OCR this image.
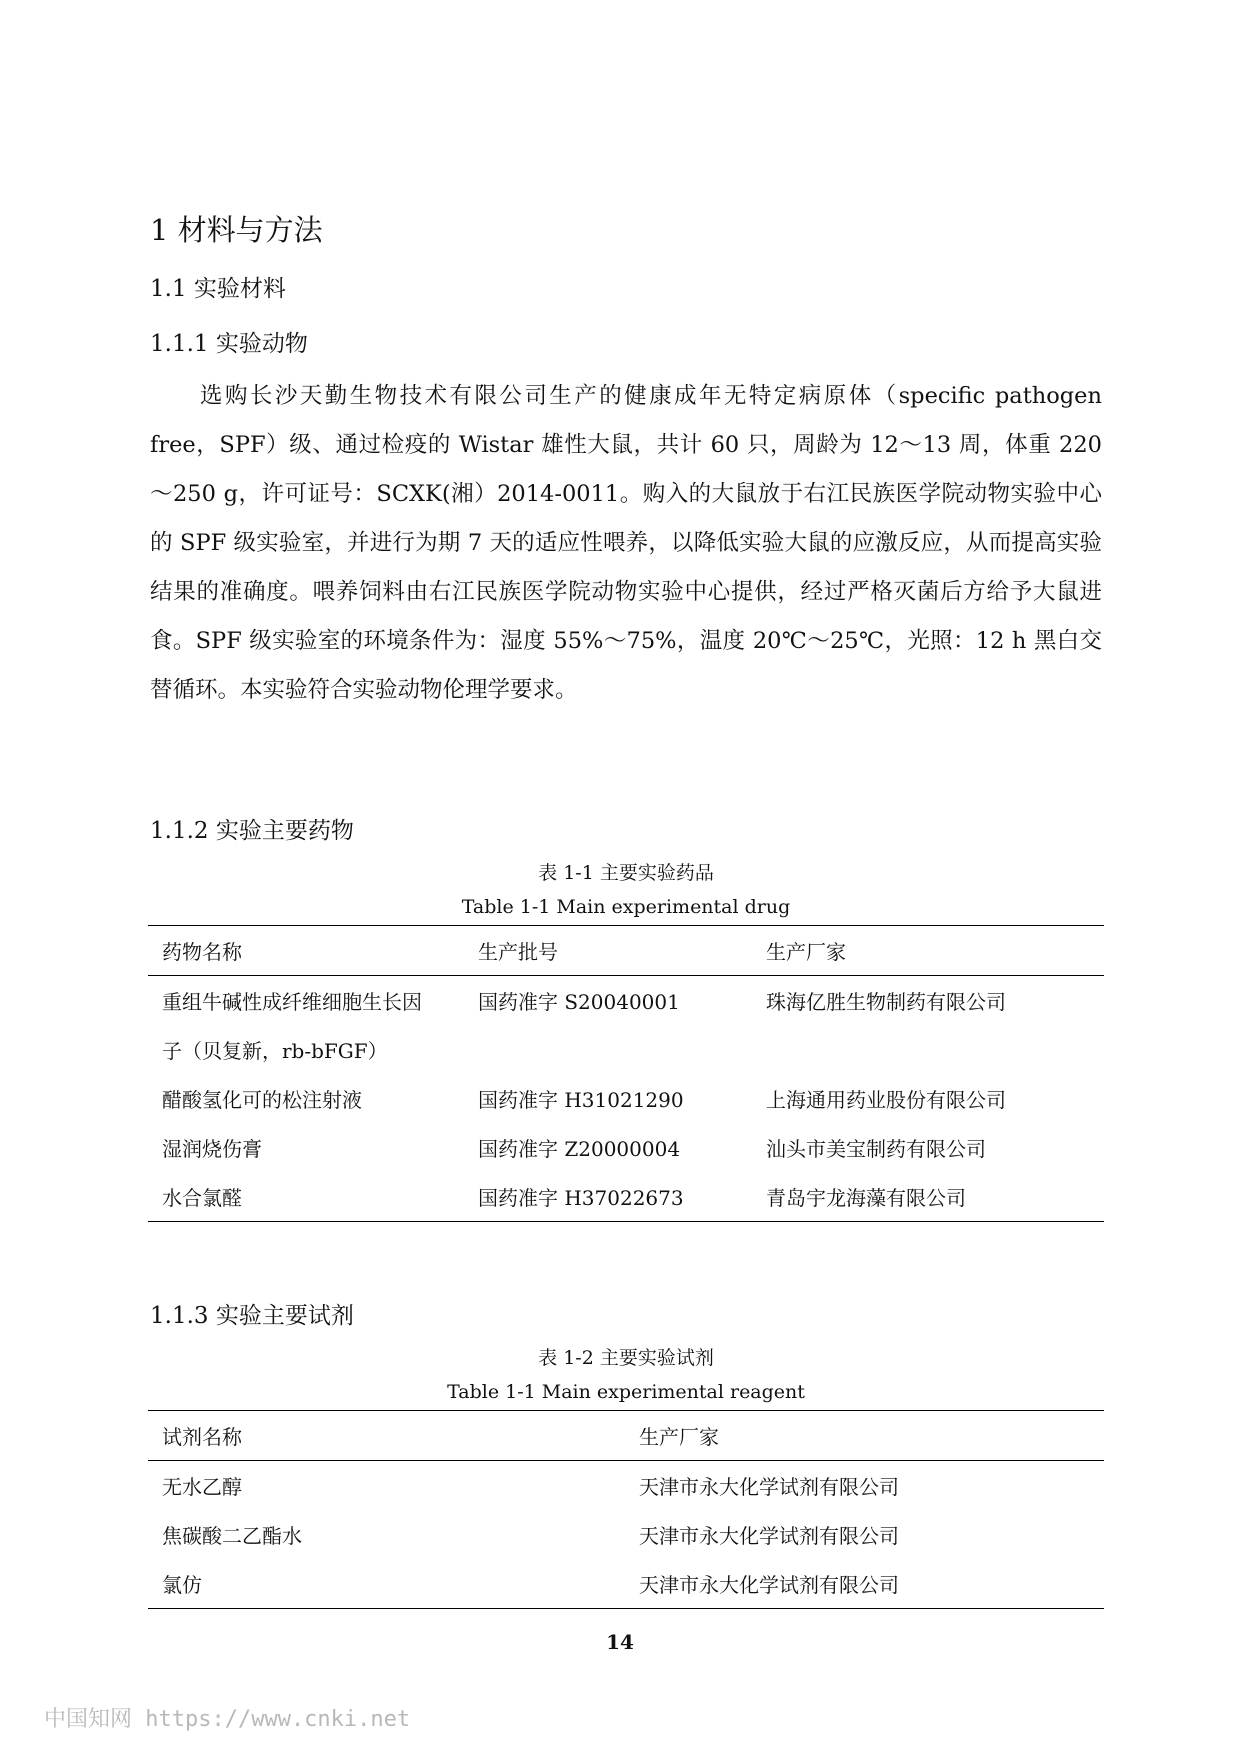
1 材料与方法
1.1 实验材料
1.1.1 实验动物
选购长沙天勤生物技术有限公司生产的健康成年无特定病原体（specific pathogen free，SPF）级、通过检疫的 Wistar 雄性大鼠，共计 60 只，周龄为 12～13 周，体重 220～250 g，许可证号：SCXK(湘）2014-0011。购入的大鼠放于右江民族医学院动物实验中心的 SPF 级实验室，并进行为期 7 天的适应性喂养，以降低实验大鼠的应激反应，从而提高实验结果的准确度。喂养饲料由右江民族医学院动物实验中心提供，经过严格灭菌后方给予大鼠进食。SPF 级实验室的环境条件为：湿度 55%～75%，温度 20℃～25℃，光照：12 h 黑白交替循环。本实验符合实验动物伦理学要求。
1.1.2 实验主要药物
表 1-1 主要实验药品
Table 1-1 Main experimental drug
药物名称	生产批号	生产厂家
重组牛碱性成纤维细胞生长因	国药准字 S20040001	珠海亿胜生物制药有限公司
子（贝复新，rb-bFGF）		
醋酸氢化可的松注射液	国药准字 H31021290	上海通用药业股份有限公司
湿润烧伤膏	国药准字 Z20000004	汕头市美宝制药有限公司
水合氯醛	国药准字 H37022673	青岛宇龙海藻有限公司
1.1.3 实验主要试剂
表 1-2 主要实验试剂
Table 1-1 Main experimental reagent
试剂名称	生产厂家
无水乙醇	天津市永大化学试剂有限公司
焦碳酸二乙酯水	天津市永大化学试剂有限公司
氯仿	天津市永大化学试剂有限公司
14
中国知网 https://www.cnki.net
